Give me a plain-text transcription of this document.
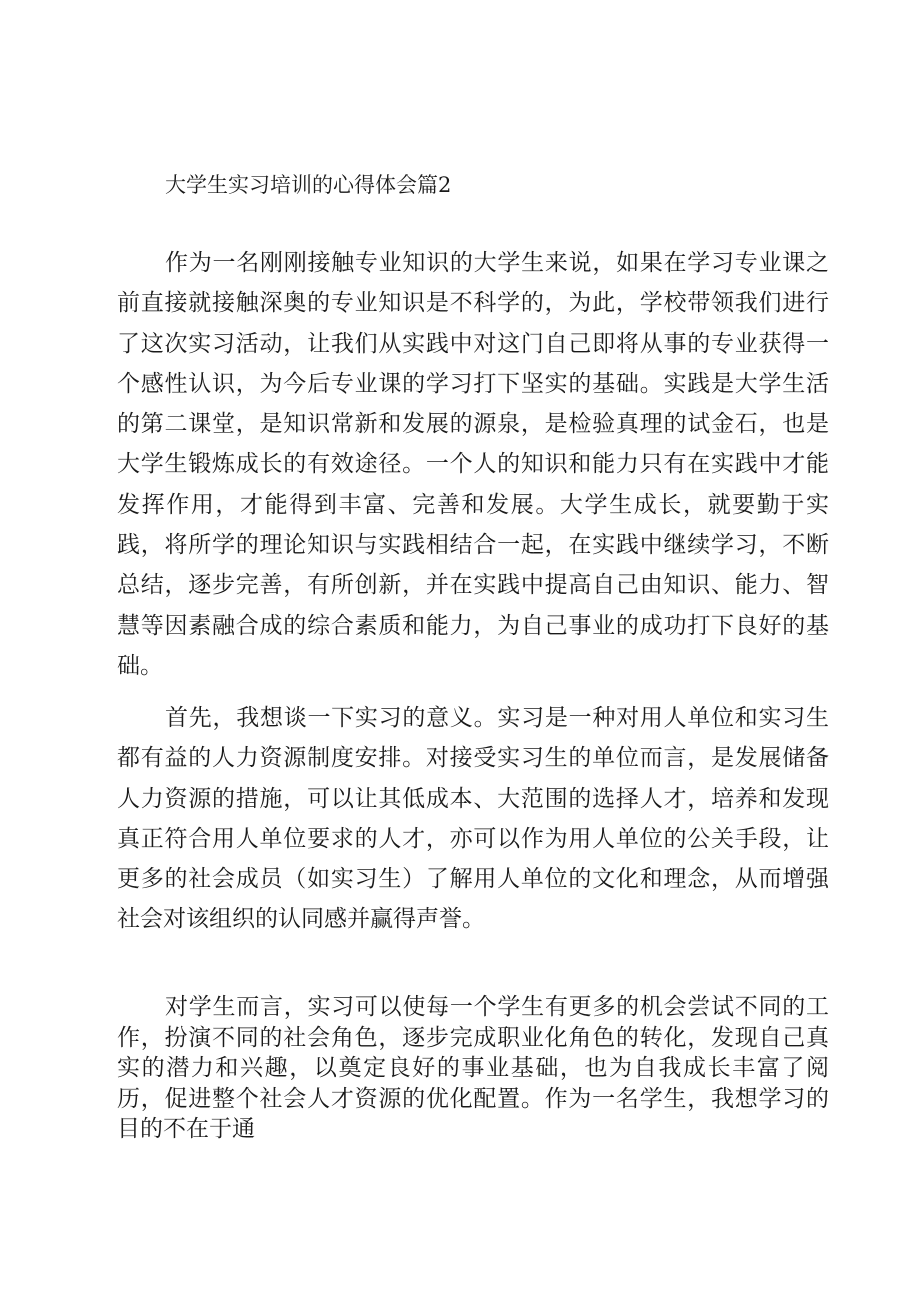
大学生实习培训的心得体会篇2

作为一名刚刚接触专业知识的大学生来说，如果在学习专业课之前直接就接触深奥的专业知识是不科学的，为此，学校带领我们进行了这次实习活动，让我们从实践中对这门自己即将从事的专业获得一个感性认识，为今后专业课的学习打下坚实的基础。实践是大学生活的第二课堂，是知识常新和发展的源泉，是检验真理的试金石，也是大学生锻炼成长的有效途径。一个人的知识和能力只有在实践中才能发挥作用，才能得到丰富、完善和发展。大学生成长，就要勤于实践，将所学的理论知识与实践相结合一起，在实践中继续学习，不断总结，逐步完善，有所创新，并在实践中提高自己由知识、能力、智慧等因素融合成的综合素质和能力，为自己事业的成功打下良好的基础。

首先，我想谈一下实习的意义。实习是一种对用人单位和实习生都有益的人力资源制度安排。对接受实习生的单位而言，是发展储备人力资源的措施，可以让其低成本、大范围的选择人才，培养和发现真正符合用人单位要求的人才，亦可以作为用人单位的公关手段，让更多的社会成员（如实习生）了解用人单位的文化和理念，从而增强社会对该组织的认同感并赢得声誉。

对学生而言，实习可以使每一个学生有更多的机会尝试不同的工作，扮演不同的社会角色，逐步完成职业化角色的转化，发现自己真实的潜力和兴趣，以奠定良好的事业基础，也为自我成长丰富了阅历，促进整个社会人才资源的优化配置。作为一名学生，我想学习的目的不在于通
